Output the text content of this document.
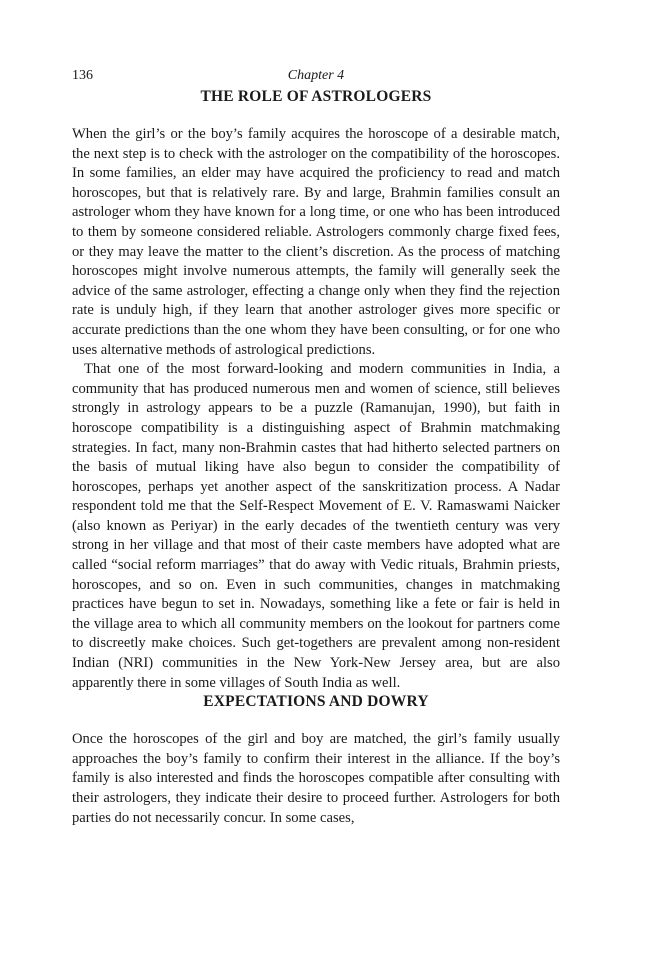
136	Chapter 4
THE ROLE OF ASTROLOGERS

When the girl’s or the boy’s family acquires the horoscope of a desirable match, the next step is to check with the astrologer on the compatibility of the horoscopes. In some families, an elder may have acquired the proficiency to read and match horoscopes, but that is relatively rare. By and large, Brahmin families consult an astrologer whom they have known for a long time, or one who has been introduced to them by someone considered reliable. Astrologers commonly charge fixed fees, or they may leave the matter to the client’s discretion. As the process of matching horoscopes might involve numerous attempts, the family will generally seek the advice of the same astrologer, effecting a change only when they find the rejection rate is unduly high, if they learn that another astrologer gives more specific or accurate predictions than the one whom they have been consulting, or for one who uses alternative methods of astrological predictions.

That one of the most forward-looking and modern communities in India, a community that has produced numerous men and women of science, still believes strongly in astrology appears to be a puzzle (Ramanujan, 1990), but faith in horoscope compatibility is a distinguishing aspect of Brahmin matchmaking strategies. In fact, many non-Brahmin castes that had hitherto selected partners on the basis of mutual liking have also begun to consider the compatibility of horoscopes, perhaps yet another aspect of the sanskritization process. A Nadar respondent told me that the Self-Respect Movement of E. V. Ramaswami Naicker (also known as Periyar) in the early decades of the twentieth century was very strong in her village and that most of their caste members have adopted what are called “social reform marriages” that do away with Vedic rituals, Brahmin priests, horoscopes, and so on. Even in such communities, changes in matchmaking practices have begun to set in. Nowadays, something like a fete or fair is held in the village area to which all community members on the lookout for partners come to discreetly make choices. Such get-togethers are prevalent among non-resident Indian (NRI) communities in the New York-New Jersey area, but are also apparently there in some villages of South India as well.

EXPECTATIONS AND DOWRY

Once the horoscopes of the girl and boy are matched, the girl’s family usually approaches the boy’s family to confirm their interest in the alliance. If the boy’s family is also interested and finds the horoscopes compatible after consulting with their astrologers, they indicate their desire to proceed further. Astrologers for both parties do not necessarily concur. In some cases,
